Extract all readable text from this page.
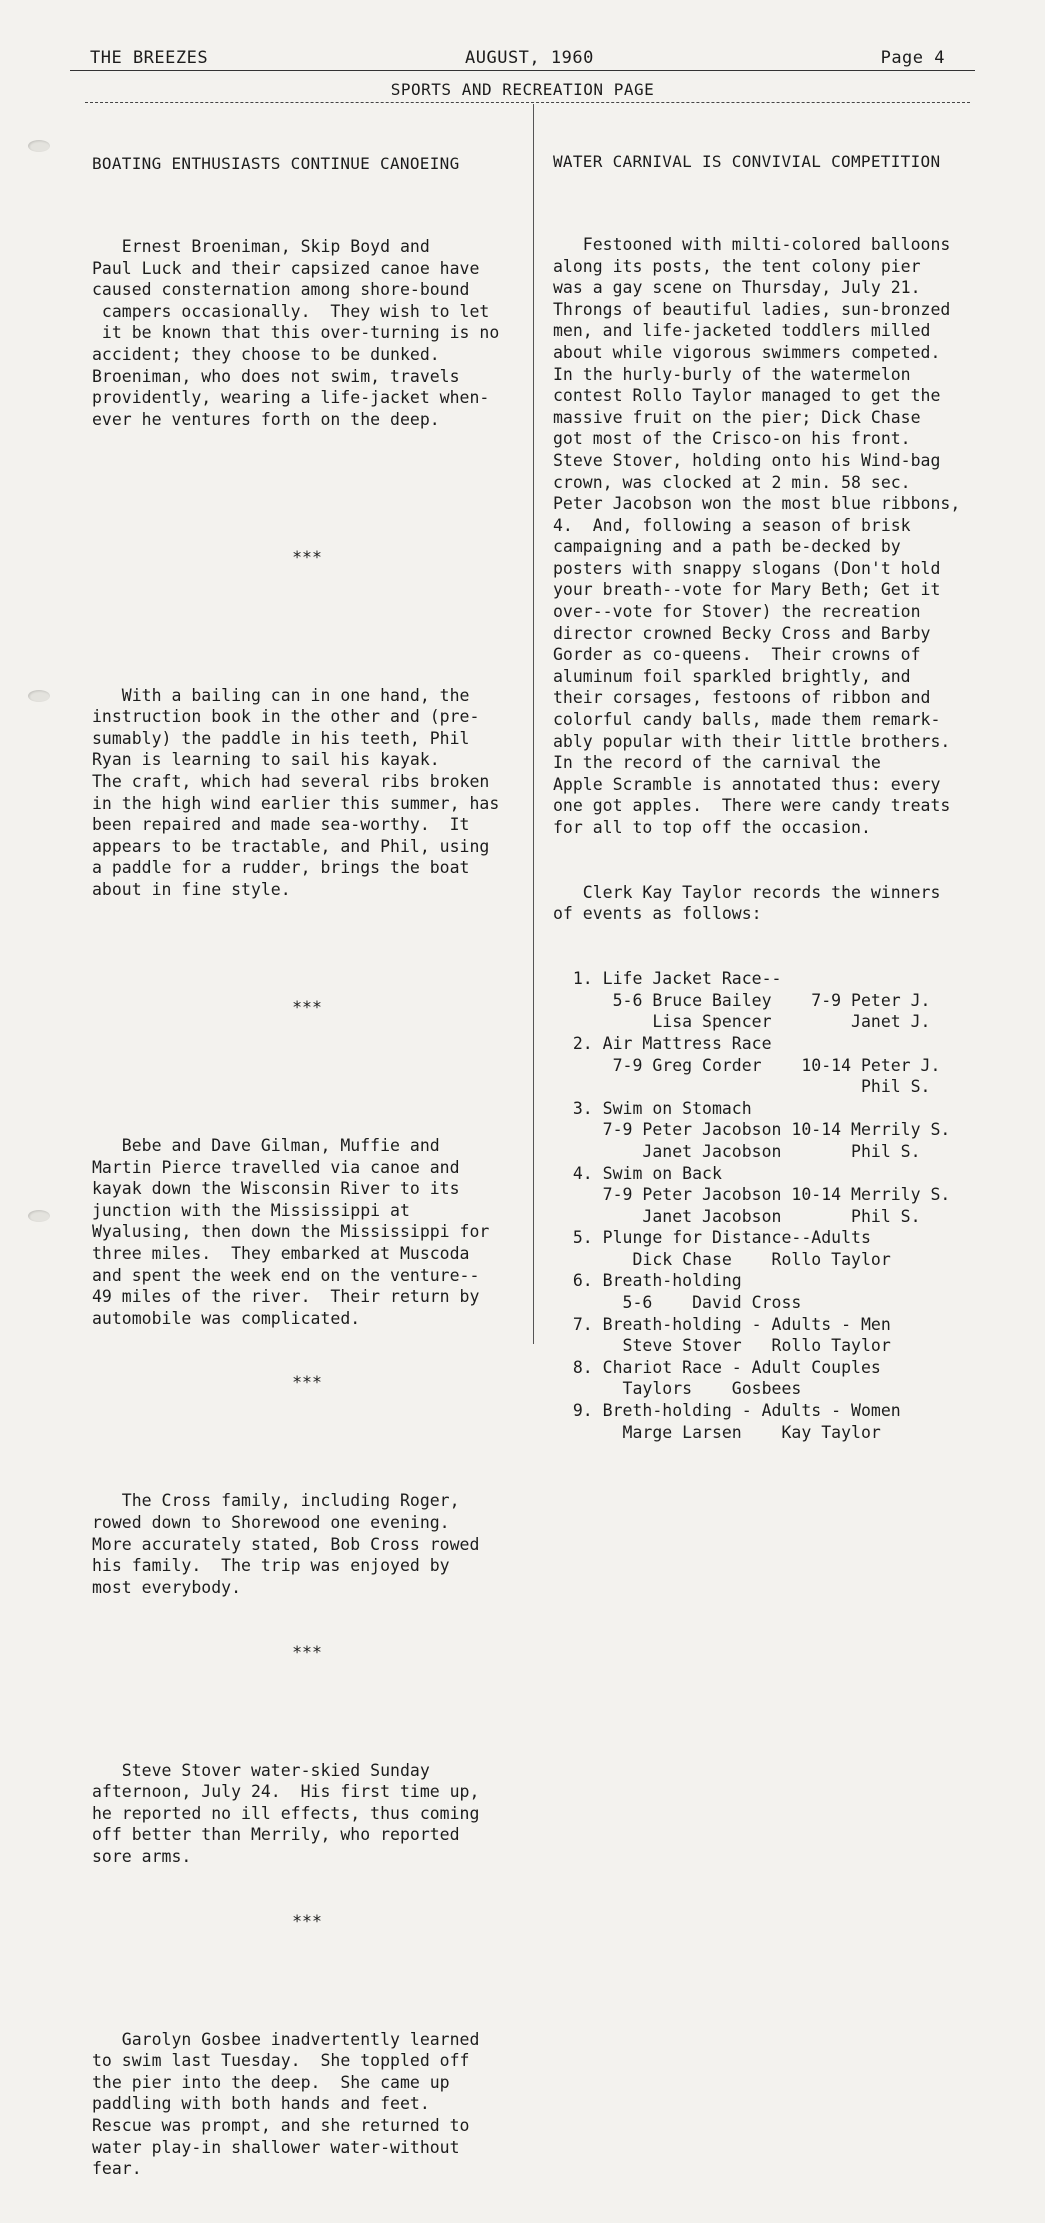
THE BREEZES	AUGUST, 1960	Page 4
SPORTS AND RECREATION PAGE

BOATING ENTHUSIASTS CONTINUE CANOEING

Ernest Broeniman, Skip Boyd and
Paul Luck and their capsized canoe have
caused consternation among shore-bound
campers occasionally.  They wish to let
it be known that this over-turning is no
accident; they choose to be dunked.
Broeniman, who does not swim, travels
providently, wearing a life-jacket when-
ever he ventures forth on the deep.

***

With a bailing can in one hand, the
instruction book in the other and (pre-
sumably) the paddle in his teeth, Phil
Ryan is learning to sail his kayak.
The craft, which had several ribs broken
in the high wind earlier this summer, has
been repaired and made sea-worthy.  It
appears to be tractable, and Phil, using
a paddle for a rudder, brings the boat
about in fine style.

***

Bebe and Dave Gilman, Muffie and
Martin Pierce travelled via canoe and
kayak down the Wisconsin River to its
junction with the Mississippi at
Wyalusing, then down the Mississippi for
three miles.  They embarked at Muscoda
and spent the week end on the venture--
49 miles of the river.  Their return by
automobile was complicated.

***

The Cross family, including Roger,
rowed down to Shorewood one evening.
More accurately stated, Bob Cross rowed
his family.  The trip was enjoyed by
most everybody.

***

Steve Stover water-skied Sunday
afternoon, July 24.  His first time up,
he reported no ill effects, thus coming
off better than Merrily, who reported
sore arms.

***

Garolyn Gosbee inadvertently learned
to swim last Tuesday.  She toppled off
the pier into the deep.  She came up
paddling with both hands and feet.
Rescue was prompt, and she returned to
water play-in shallower water-without
fear.

WATER CARNIVAL IS CONVIVIAL COMPETITION

Festooned with milti-colored balloons
along its posts, the tent colony pier
was a gay scene on Thursday, July 21.
Throngs of beautiful ladies, sun-bronzed
men, and life-jacketed toddlers milled
about while vigorous swimmers competed.
In the hurly-burly of the watermelon
contest Rollo Taylor managed to get the
massive fruit on the pier; Dick Chase
got most of the Crisco-on his front.
Steve Stover, holding onto his Wind-bag
crown, was clocked at 2 min. 58 sec.
Peter Jacobson won the most blue ribbons,
4.  And, following a season of brisk
campaigning and a path be-decked by
posters with snappy slogans (Don't hold
your breath--vote for Mary Beth; Get it
over--vote for Stover) the recreation
director crowned Becky Cross and Barby
Gorder as co-queens.  Their crowns of
aluminum foil sparkled brightly, and
their corsages, festoons of ribbon and
colorful candy balls, made them remark-
ably popular with their little brothers.
In the record of the carnival the
Apple Scramble is annotated thus: every
one got apples.  There were candy treats
for all to top off the occasion.

Clerk Kay Taylor records the winners
of events as follows:

1. Life Jacket Race--
5-6 Bruce Bailey    7-9 Peter J.
Lisa Spencer        Janet J.
2. Air Mattress Race
7-9 Greg Corder    10-14 Peter J.
Phil S.
3. Swim on Stomach
7-9 Peter Jacobson 10-14 Merrily S.
Janet Jacobson       Phil S.
4. Swim on Back
7-9 Peter Jacobson 10-14 Merrily S.
Janet Jacobson       Phil S.
5. Plunge for Distance--Adults
Dick Chase    Rollo Taylor
6. Breath-holding
5-6    David Cross
7. Breath-holding - Adults - Men
Steve Stover   Rollo Taylor
8. Chariot Race - Adult Couples
Taylors    Gosbees
9. Breth-holding - Adults - Women
Marge Larsen    Kay Taylor
